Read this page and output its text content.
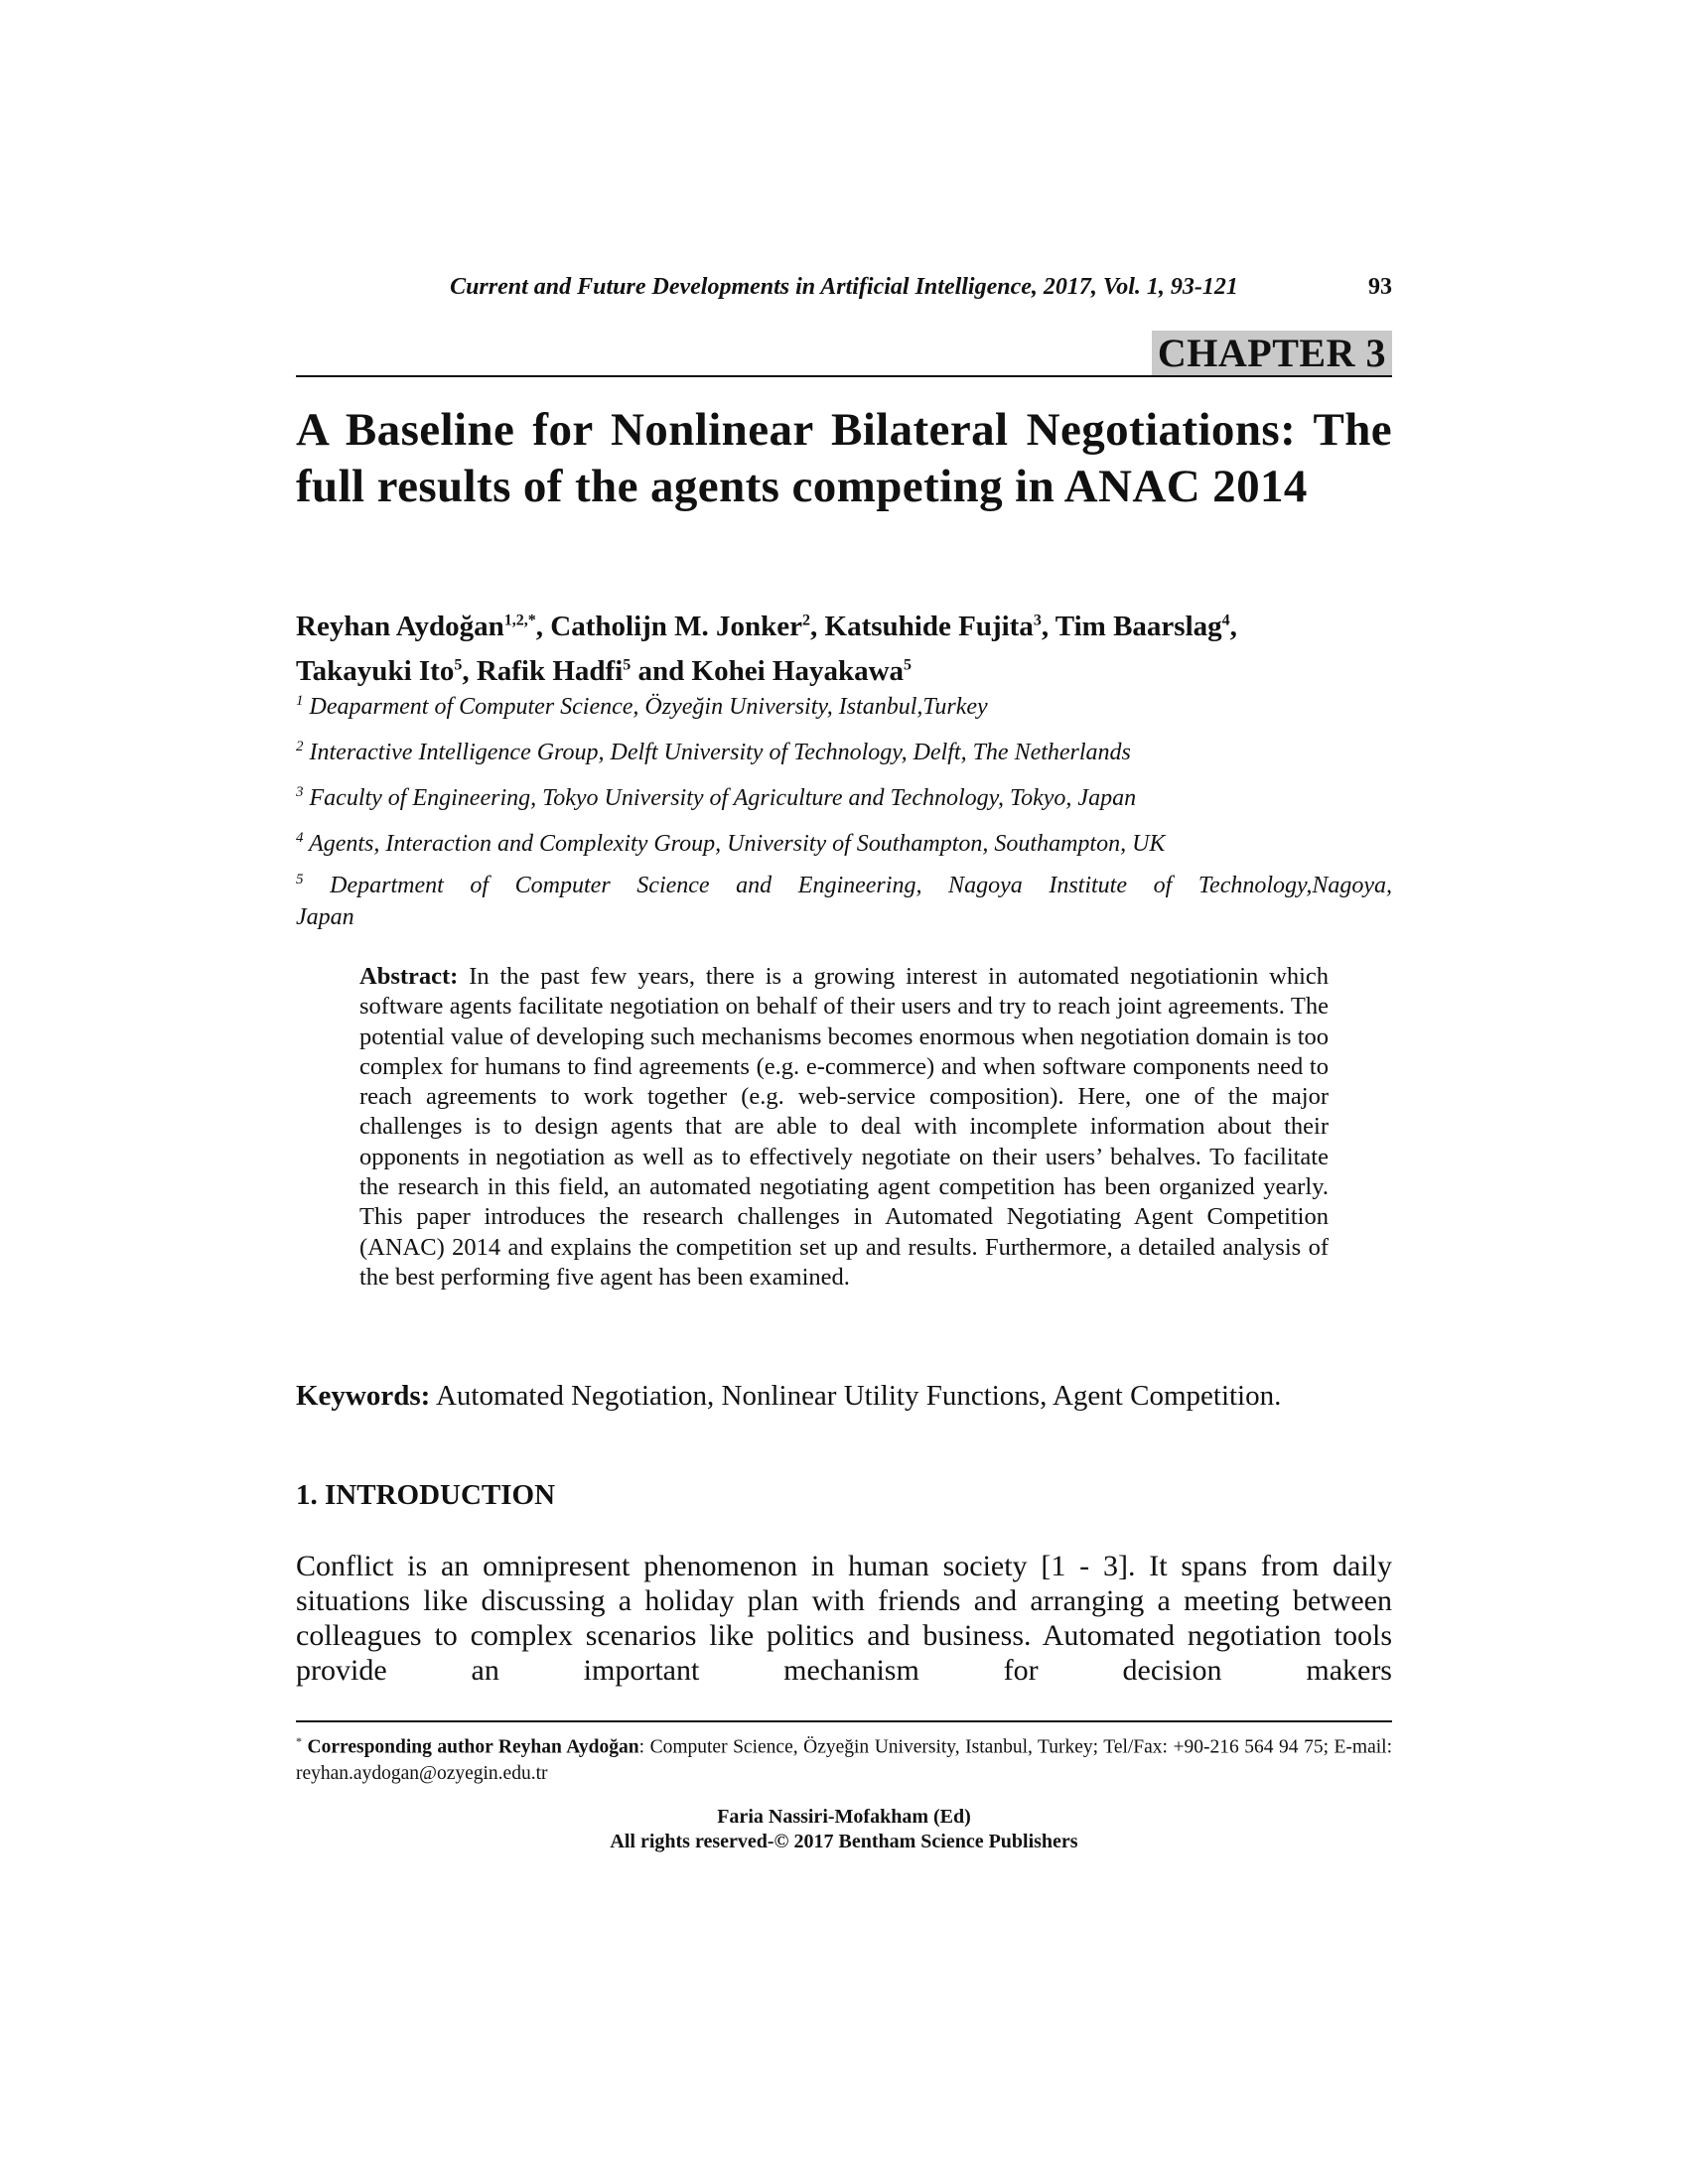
Current and Future Developments in Artificial Intelligence, 2017, Vol. 1, 93-121	93
CHAPTER 3
A Baseline for Nonlinear Bilateral Negotiations: The full results of the agents competing in ANAC 2014
Reyhan Aydoğan$^{1,2,*}$, Catholijn M. Jonker$^2$, Katsuhide Fujita$^3$, Tim Baarslag$^4$,
Takayuki Ito$^5$, Rafik Hadfi$^5$ and Kohei Hayakawa$^5$
$^1$ Deaparment of Computer Science, Özyeğin University, Istanbul,Turkey
$^2$ Interactive Intelligence Group, Delft University of Technology, Delft, The Netherlands
$^3$ Faculty of Engineering, Tokyo University of Agriculture and Technology, Tokyo, Japan
$^4$ Agents, Interaction and Complexity Group, University of Southampton, Southampton, UK
$^5$ Department of Computer Science and Engineering, Nagoya Institute of Technology,Nagoya,
Japan
Abstract: In the past few years, there is a growing interest in automated negotiationin which software agents facilitate negotiation on behalf of their users and try to reach joint agreements. The potential value of developing such mechanisms becomes enormous when negotiation domain is too complex for humans to find agreements (e.g. e-commerce) and when software components need to reach agreements to work together (e.g. web-service composition). Here, one of the major challenges is to design agents that are able to deal with incomplete information about their opponents in negotiation as well as to effectively negotiate on their users’ behalves. To facilitate the research in this field, an automated negotiating agent competition has been organized yearly. This paper introduces the research challenges in Automated Negotiating Agent Competition (ANAC) 2014 and explains the competition set up and results. Furthermore, a detailed analysis of the best performing five agent has been examined.
Keywords: Automated Negotiation, Nonlinear Utility Functions, Agent Competition.
1. INTRODUCTION
Conflict is an omnipresent phenomenon in human society [1 - 3]. It spans from daily situations like discussing a holiday plan with friends and arranging a meeting between colleagues to complex scenarios like politics and business. Automated negotiation tools provide an important mechanism for decision makers
* Corresponding author Reyhan Aydoğan: Computer Science, Özyeğin University, Istanbul, Turkey; Tel/Fax: +90-216 564 94 75; E-mail: reyhan.aydogan@ozyegin.edu.tr
Faria Nassiri-Mofakham (Ed)
All rights reserved-© 2017 Bentham Science Publishers
